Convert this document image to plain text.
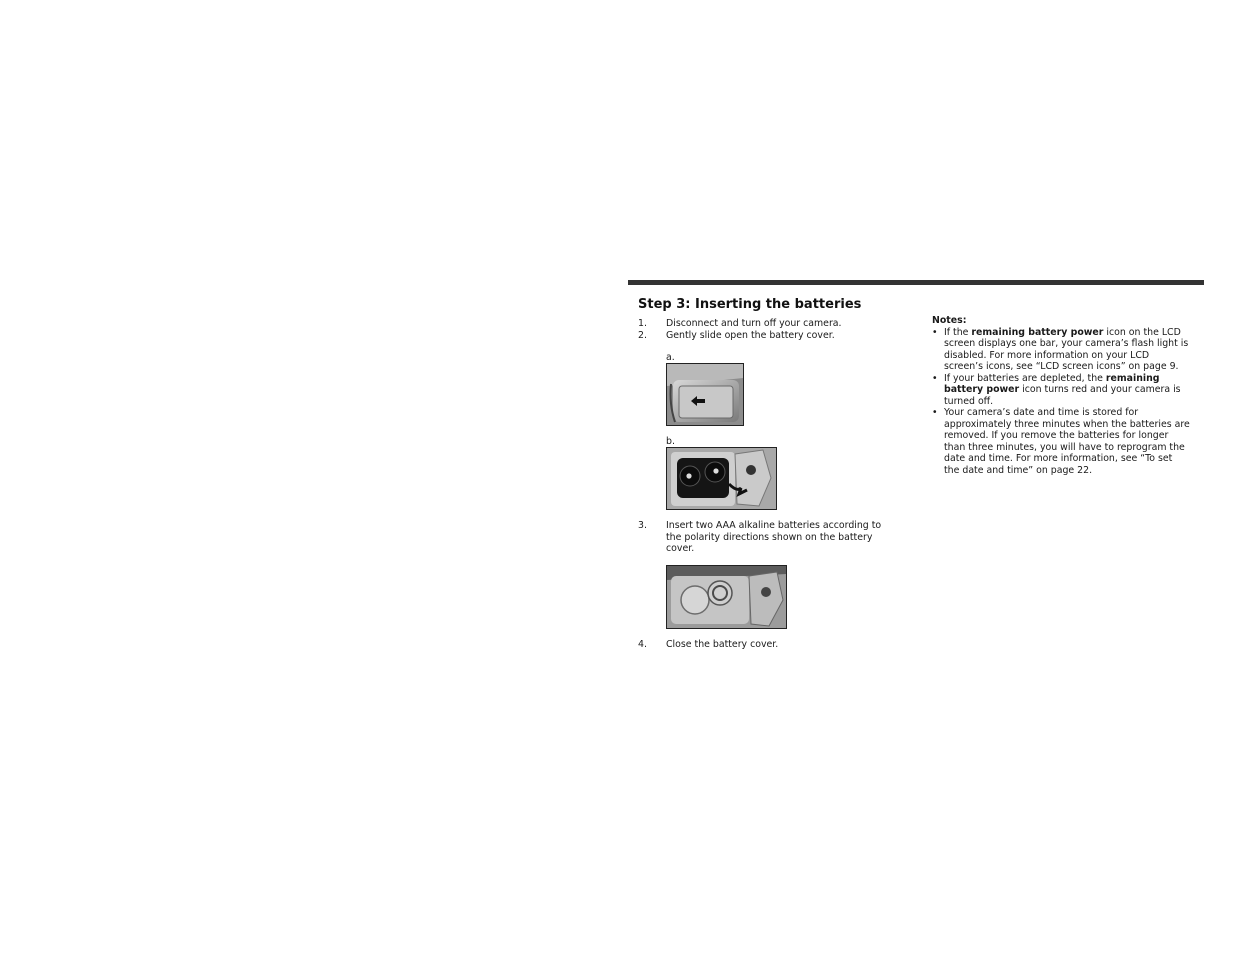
Step 3: Inserting the batteries
1. Disconnect and turn off your camera.
2. Gently slide open the battery cover.
a.
b.
3. Insert two AAA alkaline batteries according to the polarity directions shown on the battery cover.
4. Close the battery cover.
Notes:
• If the remaining battery power icon on the LCD screen displays one bar, your camera’s flash light is disabled. For more information on your LCD screen’s icons, see “LCD screen icons” on page 9.
• If your batteries are depleted, the remaining battery power icon turns red and your camera is turned off.
• Your camera’s date and time is stored for approximately three minutes when the batteries are removed. If you remove the batteries for longer than three minutes, you will have to reprogram the date and time. For more information, see “To set the date and time” on page 22.
